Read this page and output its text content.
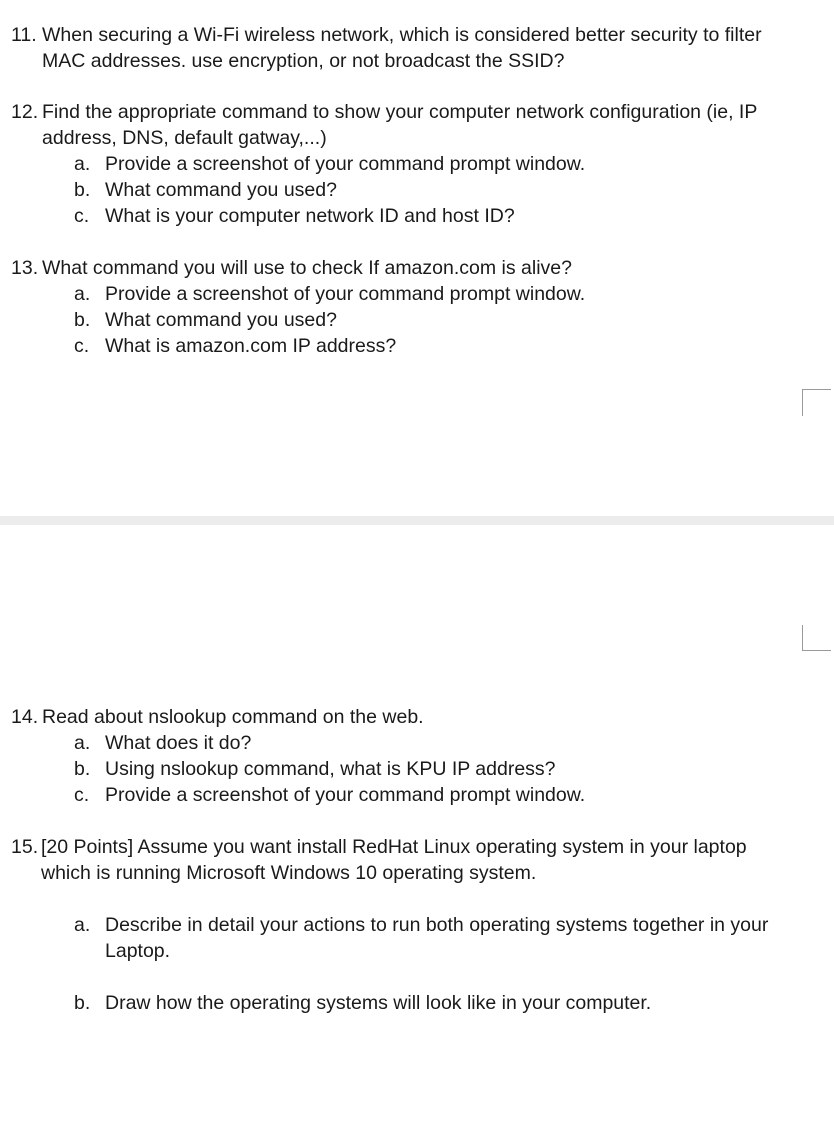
11. When securing a Wi-Fi wireless network, which is considered better security to filter MAC addresses. use encryption, or not broadcast the SSID?
12. Find the appropriate command to show your computer network configuration (ie, IP address, DNS, default gatway,...)
a. Provide a screenshot of your command prompt window.
b. What command you used?
c. What is your computer network ID and host ID?
13. What command you will use to check If amazon.com is alive?
a. Provide a screenshot of your command prompt window.
b. What command you used?
c. What is amazon.com IP address?
14. Read about nslookup command on the web.
a. What does it do?
b. Using nslookup command, what is KPU IP address?
c. Provide a screenshot of your command prompt window.
15. [20 Points] Assume you want install RedHat Linux operating system in your laptop which is running Microsoft Windows 10 operating system.
a. Describe in detail your actions to run both operating systems together in your Laptop.
b. Draw how the operating systems will look like in your computer.
